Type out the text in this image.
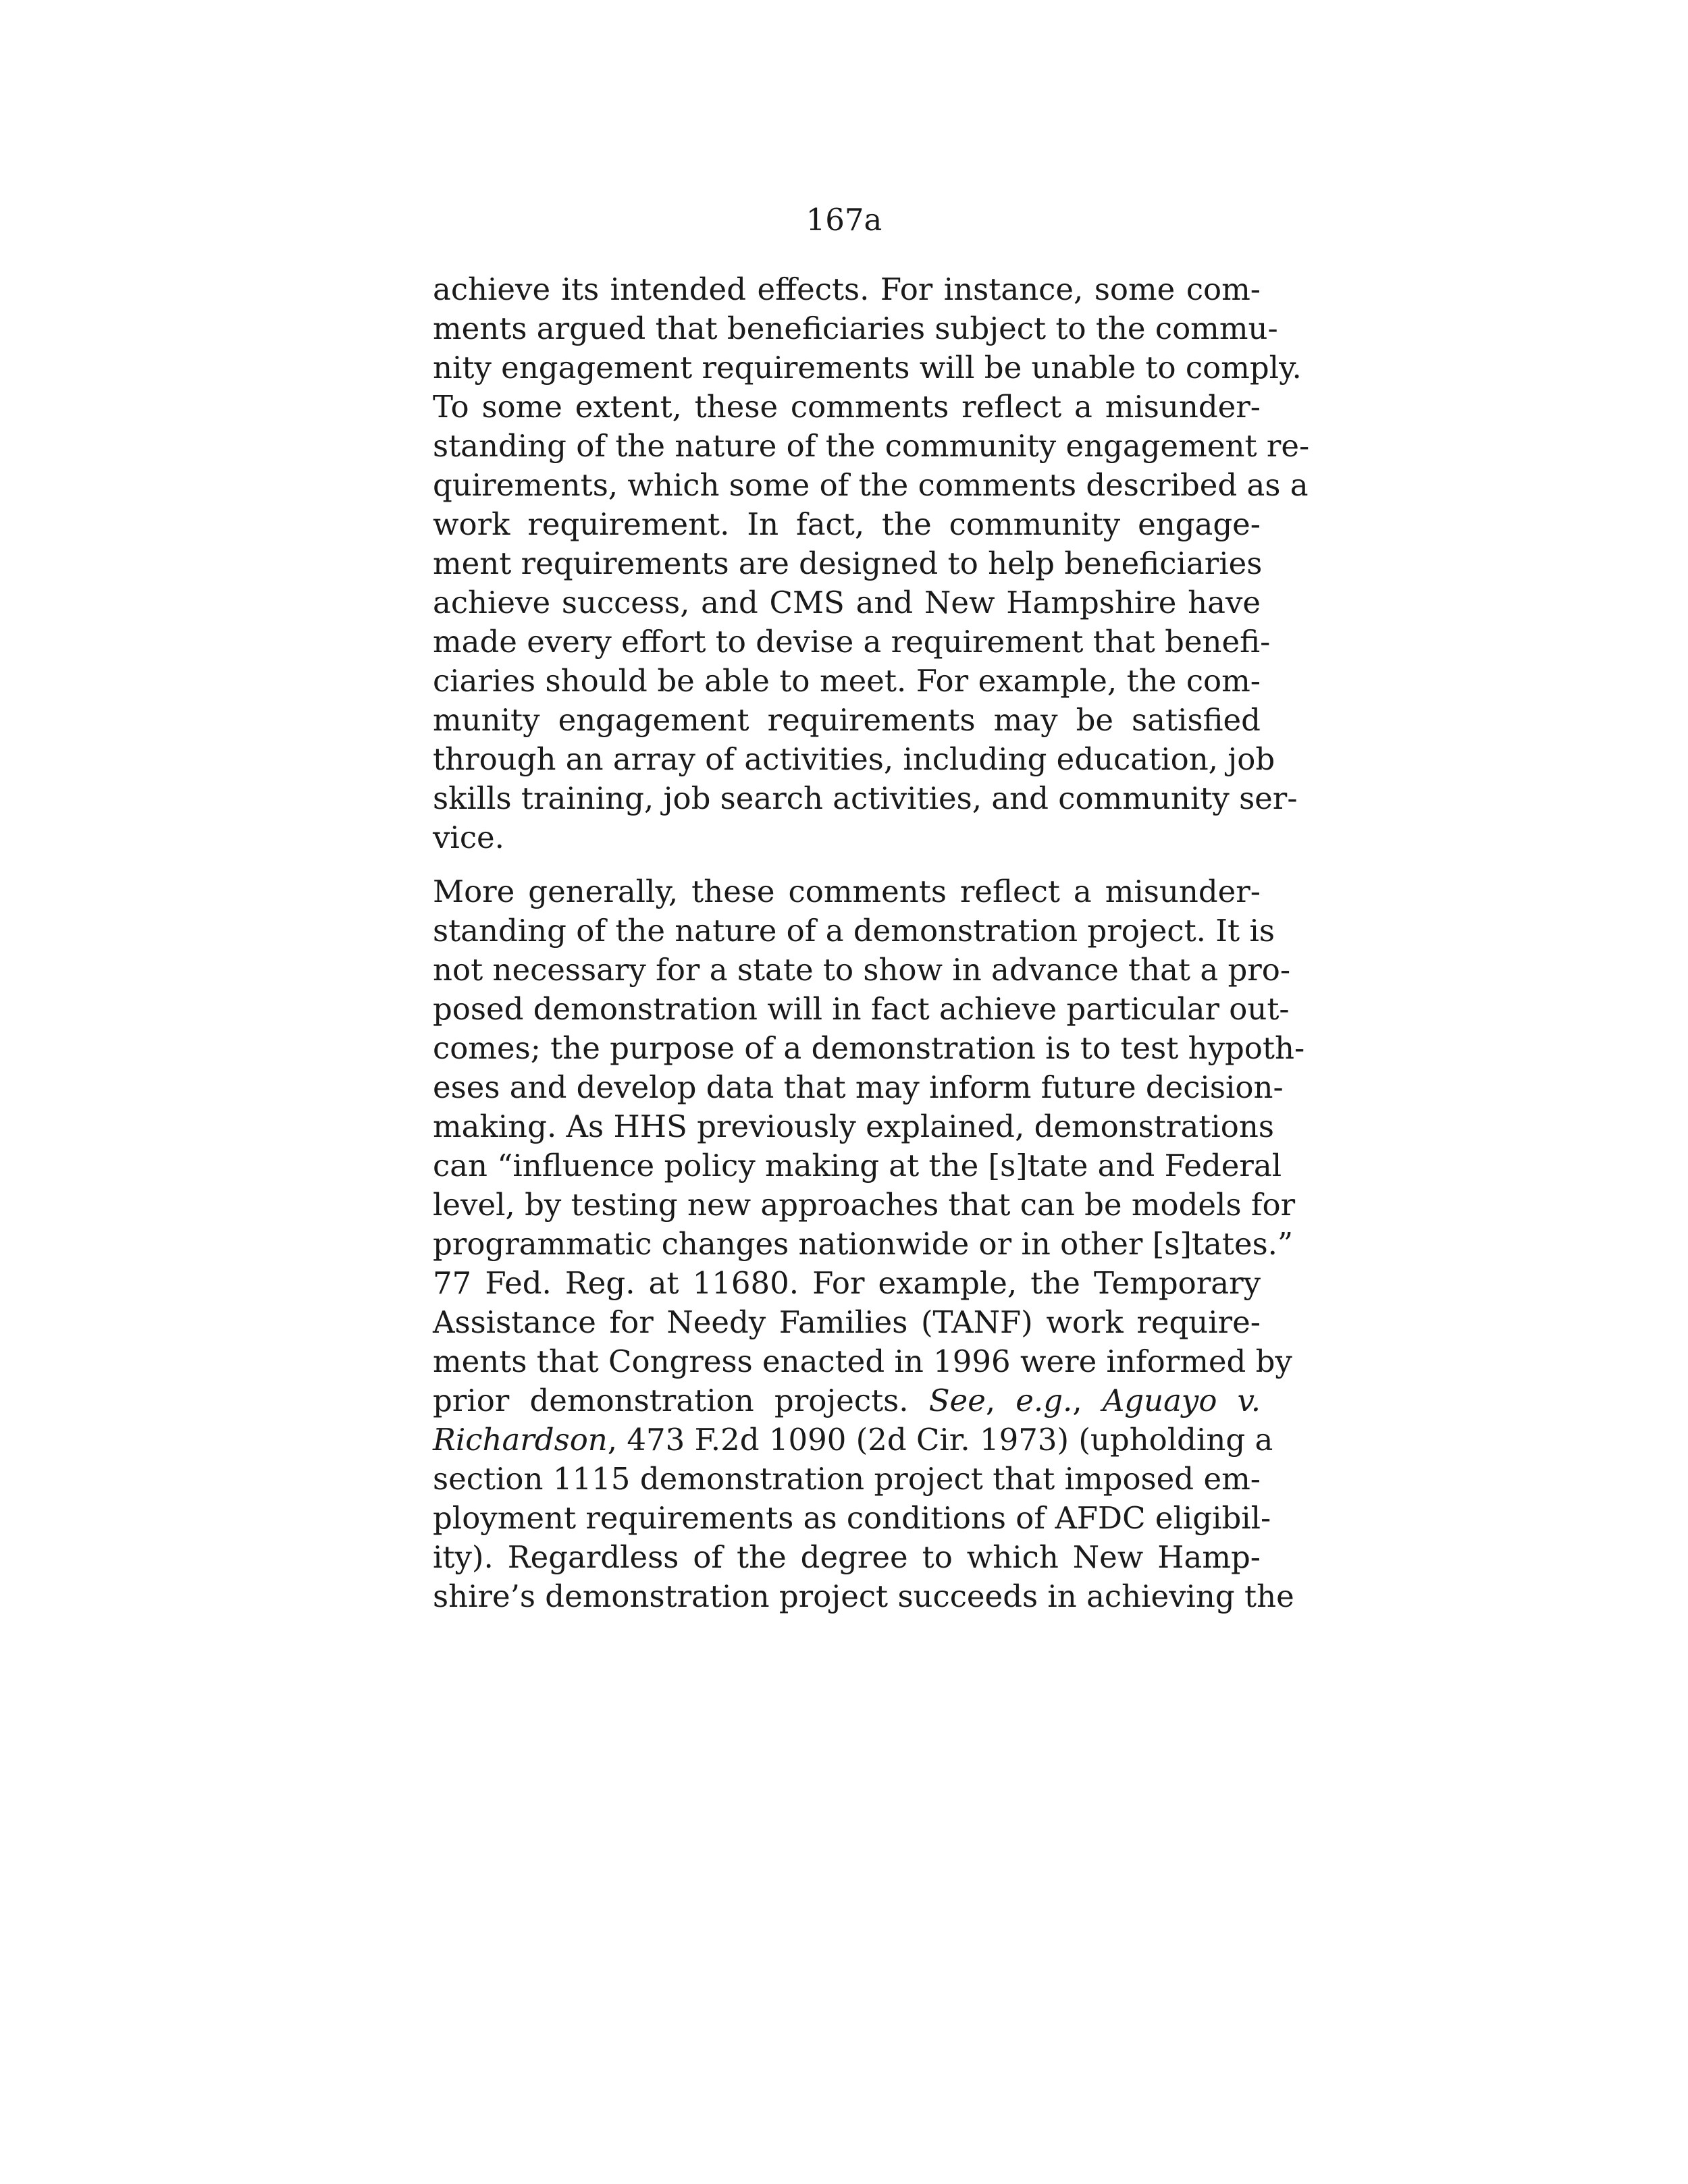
167a
achieve its intended effects. For instance, some com-
ments argued that beneficiaries subject to the commu-
nity engagement requirements will be unable to comply.
To some extent, these comments reflect a misunder-
standing of the nature of the community engagement re-
quirements, which some of the comments described as a
work requirement. In fact, the community engage-
ment requirements are designed to help beneficiaries
achieve success, and CMS and New Hampshire have
made every effort to devise a requirement that benefi-
ciaries should be able to meet. For example, the com-
munity engagement requirements may be satisfied
through an array of activities, including education, job
skills training, job search activities, and community ser-
vice.
More generally, these comments reflect a misunder-
standing of the nature of a demonstration project. It is
not necessary for a state to show in advance that a pro-
posed demonstration will in fact achieve particular out-
comes; the purpose of a demonstration is to test hypoth-
eses and develop data that may inform future decision-
making. As HHS previously explained, demonstrations
can “influence policy making at the [s]tate and Federal
level, by testing new approaches that can be models for
programmatic changes nationwide or in other [s]tates.”
77 Fed. Reg. at 11680. For example, the Temporary
Assistance for Needy Families (TANF) work require-
ments that Congress enacted in 1996 were informed by
prior demonstration projects. See, e.g., Aguayo v.
Richardson, 473 F.2d 1090 (2d Cir. 1973) (upholding a
section 1115 demonstration project that imposed em-
ployment requirements as conditions of AFDC eligibil-
ity). Regardless of the degree to which New Hamp-
shire’s demonstration project succeeds in achieving the
